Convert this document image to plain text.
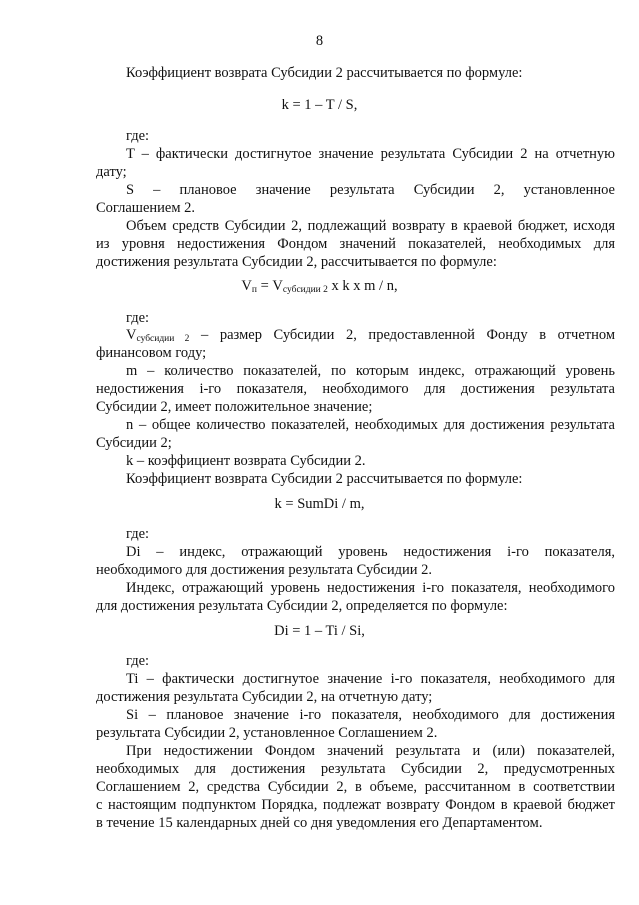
8
Коэффициент возврата Субсидии 2 рассчитывается по формуле:
k = 1 – T / S,
где:
T – фактически достигнутое значение результата Субсидии 2 на отчетную
дату;
S – плановое значение результата Субсидии 2, установленное
Соглашением 2.
Объем средств Субсидии 2, подлежащий возврату в краевой бюджет, исходя
из уровня недостижения Фондом значений показателей, необходимых для
достижения результата Субсидии 2, рассчитывается по формуле:
$V_п = V_{субсидии 2}$ x k x m / n,
где:
$V_{субсидии 2}$ – размер Субсидии 2, предоставленной Фонду в отчетном
финансовом году;
m – количество показателей, по которым индекс, отражающий уровень
недостижения i-го показателя, необходимого для достижения результата
Субсидии 2, имеет положительное значение;
n – общее количество показателей, необходимых для достижения результата
Субсидии 2;
k – коэффициент возврата Субсидии 2.
Коэффициент возврата Субсидии 2 рассчитывается по формуле:
k = SumDi / m,
где:
Di – индекс, отражающий уровень недостижения i-го показателя,
необходимого для достижения результата Субсидии 2.
Индекс, отражающий уровень недостижения i-го показателя, необходимого
для достижения результата Субсидии 2, определяется по формуле:
Di = 1 – Ti / Si,
где:
Ti – фактически достигнутое значение i-го показателя, необходимого для
достижения результата Субсидии 2, на отчетную дату;
Si – плановое значение i-го показателя, необходимого для достижения
результата Субсидии 2, установленное Соглашением 2.
При недостижении Фондом значений результата и (или) показателей,
необходимых для достижения результата Субсидии 2, предусмотренных
Соглашением 2, средства Субсидии 2, в объеме, рассчитанном в соответствии
с настоящим подпунктом Порядка, подлежат возврату Фондом в краевой бюджет
в течение 15 календарных дней со дня уведомления его Департаментом.
